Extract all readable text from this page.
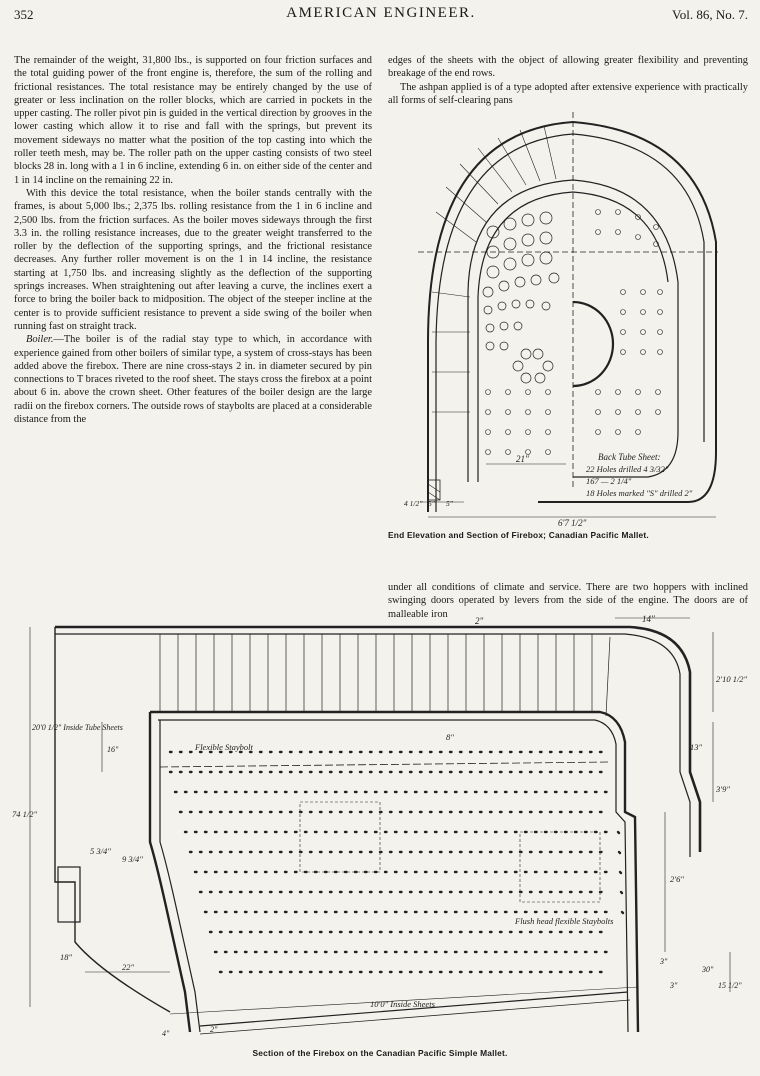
352	AMERICAN ENGINEER.	Vol. 86, No. 7.

The remainder of the weight, 31,800 lbs., is supported on four friction surfaces and the total guiding power of the front engine is, therefore, the sum of the rolling and frictional resistances. The total resistance may be entirely changed by the use of greater or less inclination on the roller blocks, which are carried in pockets in the upper casting. The roller pivot pin is guided in the vertical direction by grooves in the lower casting which allow it to rise and fall with the springs, but prevent its movement sideways no matter what the position of the top casting into which the roller teeth mesh, may be. The roller path on the upper casting consists of two steel blocks 28 in. long with a 1 in 6 incline, extending 6 in. on either side of the center and 1 in 14 incline on the remaining 22 in.

With this device the total resistance, when the boiler stands centrally with the frames, is about 5,000 lbs.; 2,375 lbs. rolling resistance from the 1 in 6 incline and 2,500 lbs. from the friction surfaces. As the boiler moves sideways through the first 3.3 in. the rolling resistance increases, due to the greater weight transferred to the roller by the deflection of the supporting springs, and the frictional resistance decreases. Any further roller movement is on the 1 in 14 incline, the resistance starting at 1,750 lbs. and increasing slightly as the deflection of the supporting springs increases. When straightening out after leaving a curve, the inclines exert a force to bring the boiler back to midposition. The object of the steeper incline at the center is to provide sufficient resistance to prevent a side swing of the boiler when running fast on straight track.

Boiler.—The boiler is of the radial stay type to which, in accordance with experience gained from other boilers of similar type, a system of cross-stays has been added above the firebox. There are nine cross-stays 2 in. in diameter secured by pin connections to T braces riveted to the roof sheet. The stays cross the firebox at a point about 6 in. above the crown sheet. Other features of the boiler design are the large radii on the firebox corners. The outside rows of staybolts are placed at a considerable distance from the

edges of the sheets with the object of allowing greater flexibility and preventing breakage of the end rows.

The ashpan applied is of a type adopted after extensive experience with practically all forms of self-clearing pans

Back Tube Sheet:
22 Holes drilled 4 3/32"
167 — 2 1/4"
18 Holes marked "S" drilled 2"
21"
6'7 1/2"
4 1/2" 5" 5"
End Elevation and Section of Firebox; Canadian Pacific Mallet.

under all conditions of climate and service. There are two hoppers with inclined swinging doors operated by levers from the side of the engine. The doors are of malleable iron

2"	14"
20'0 1/2" Inside Tube Sheets
16"	Flexible Staybolt
8"
13"
2'10 1/2"
3'9"
74 1/2"
5 3/4"
9 3/4"
2'6"
Flush head flexible Staybolts
18"
22"
3"
30"
3"	15 1/2"
10'0" Inside Sheets
4"	2"
Section of the Firebox on the Canadian Pacific Simple Mallet.
